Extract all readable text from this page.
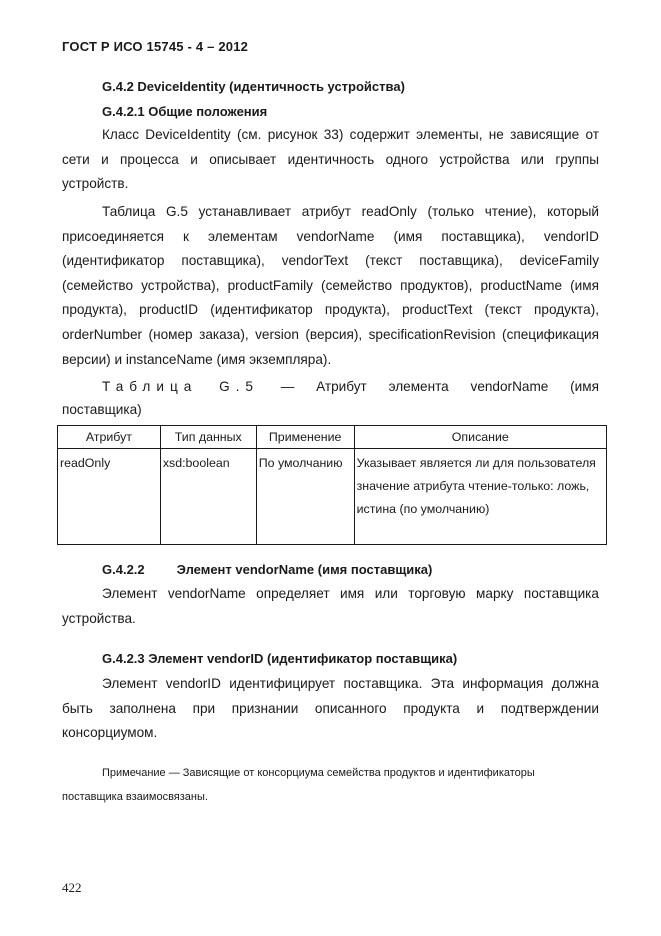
ГОСТ Р ИСО 15745 - 4 – 2012
G.4.2 DeviceIdentity (идентичность устройства)
G.4.2.1 Общие положения
Класс DeviceIdentity (см. рисунок 33) содержит элементы, не зависящие от сети и процесса и описывает идентичность одного устройства или группы устройств.
Таблица G.5 устанавливает атрибут readOnly (только чтение), который присоединяется к элементам vendorName (имя поставщика), vendorID (идентификатор поставщика), vendorText (текст поставщика), deviceFamily (семейство устройства), productFamily (семейство продуктов), productName (имя продукта), productID (идентификатор продукта), productText (текст продукта), orderNumber (номер заказа), version (версия), specificationRevision (спецификация версии) и instanceName (имя экземпляра).
Таблица G.5 — Атрибут элемента vendorName (имя
поставщика)
Атрибут	Тип данных	Применение	Описание
readOnly	xsd:boolean	По умолчанию	Указывает является ли для пользователя значение атрибута чтение-только: ложь, истина (по умолчанию)
G.4.2.2 Элемент vendorName (имя поставщика)
Элемент vendorName определяет имя или торговую марку поставщика устройства.
G.4.2.3 Элемент vendorID (идентификатор поставщика)
Элемент vendorID идентифицирует поставщика. Эта информация должна быть заполнена при признании описанного продукта и подтверждении консорциумом.
Примечание — Зависящие от консорциума семейства продуктов и идентификаторы
поставщика взаимосвязаны.
422
